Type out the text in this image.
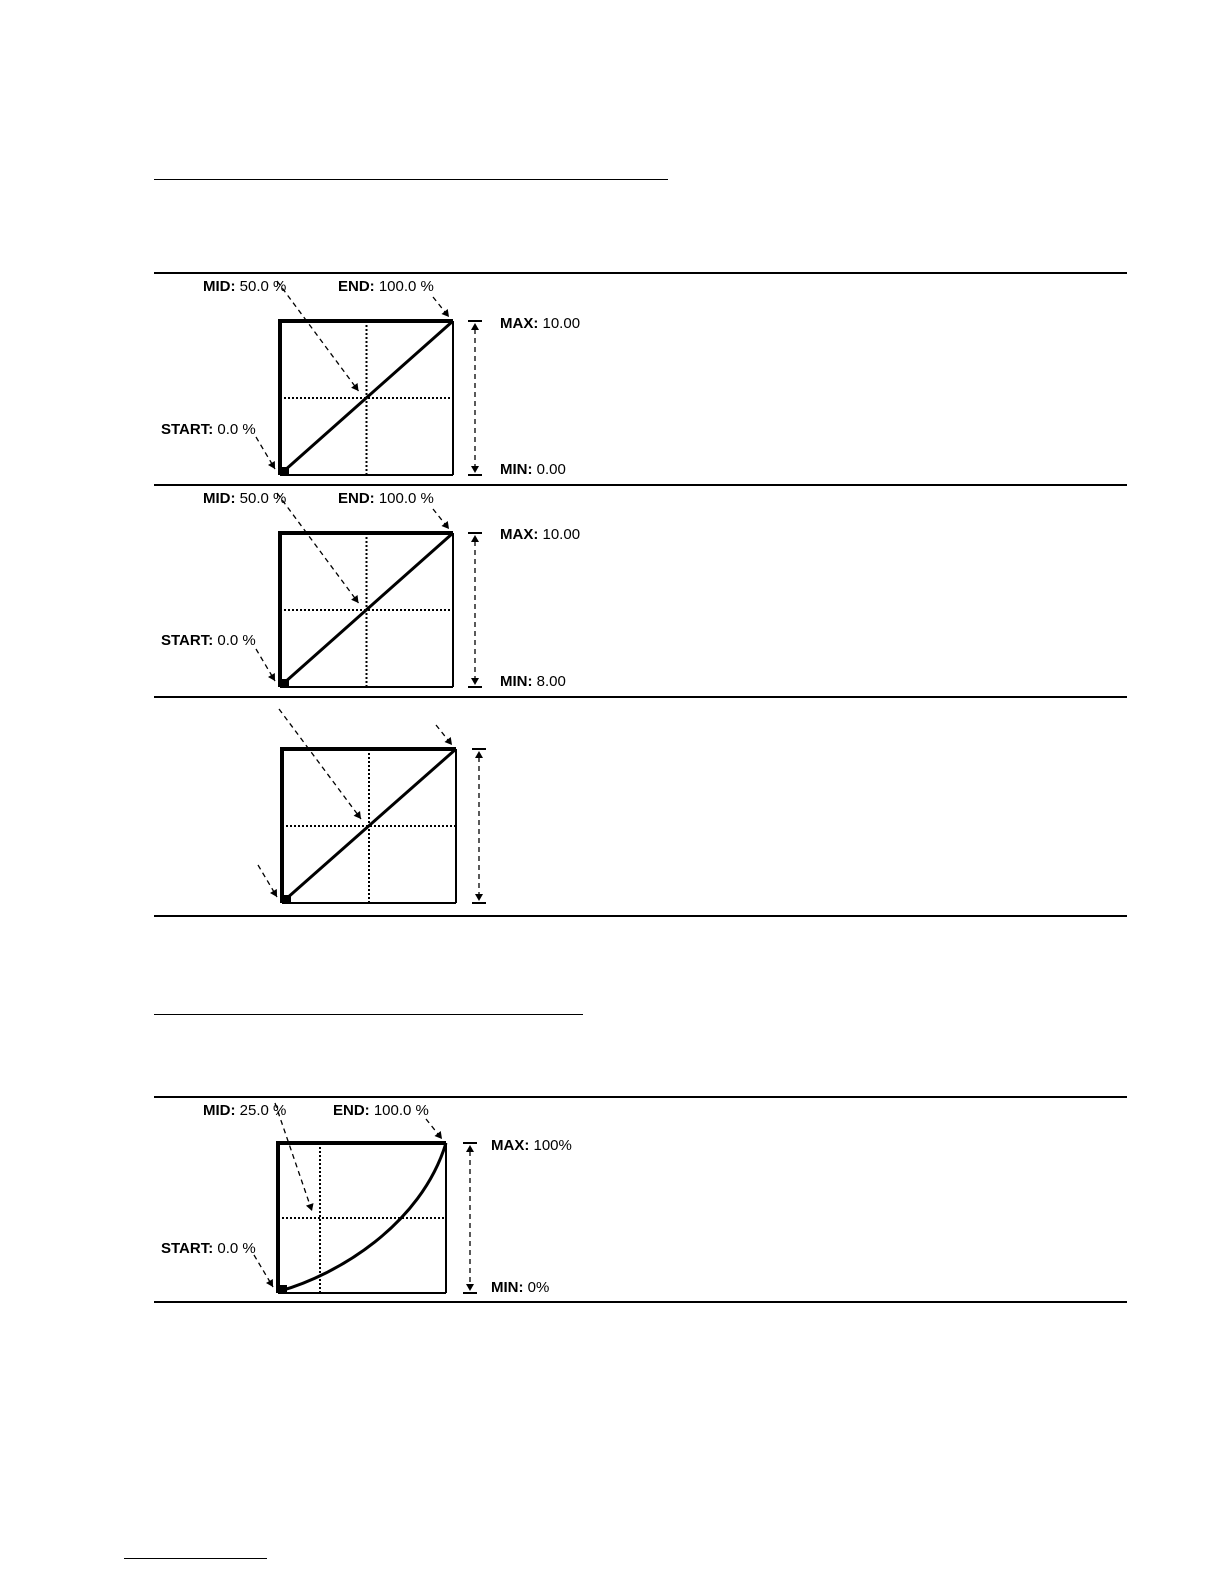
MID: 50.0 %	END: 100.0 %
START: 0.0 %
MAX: 10.00
MIN: 0.00
MID: 50.0 %	END: 100.0 %
START: 0.0 %
MAX: 10.00
MIN: 8.00
MID: 25.0 %	END: 100.0 %
START: 0.0 %
MAX: 100%
MIN: 0%
